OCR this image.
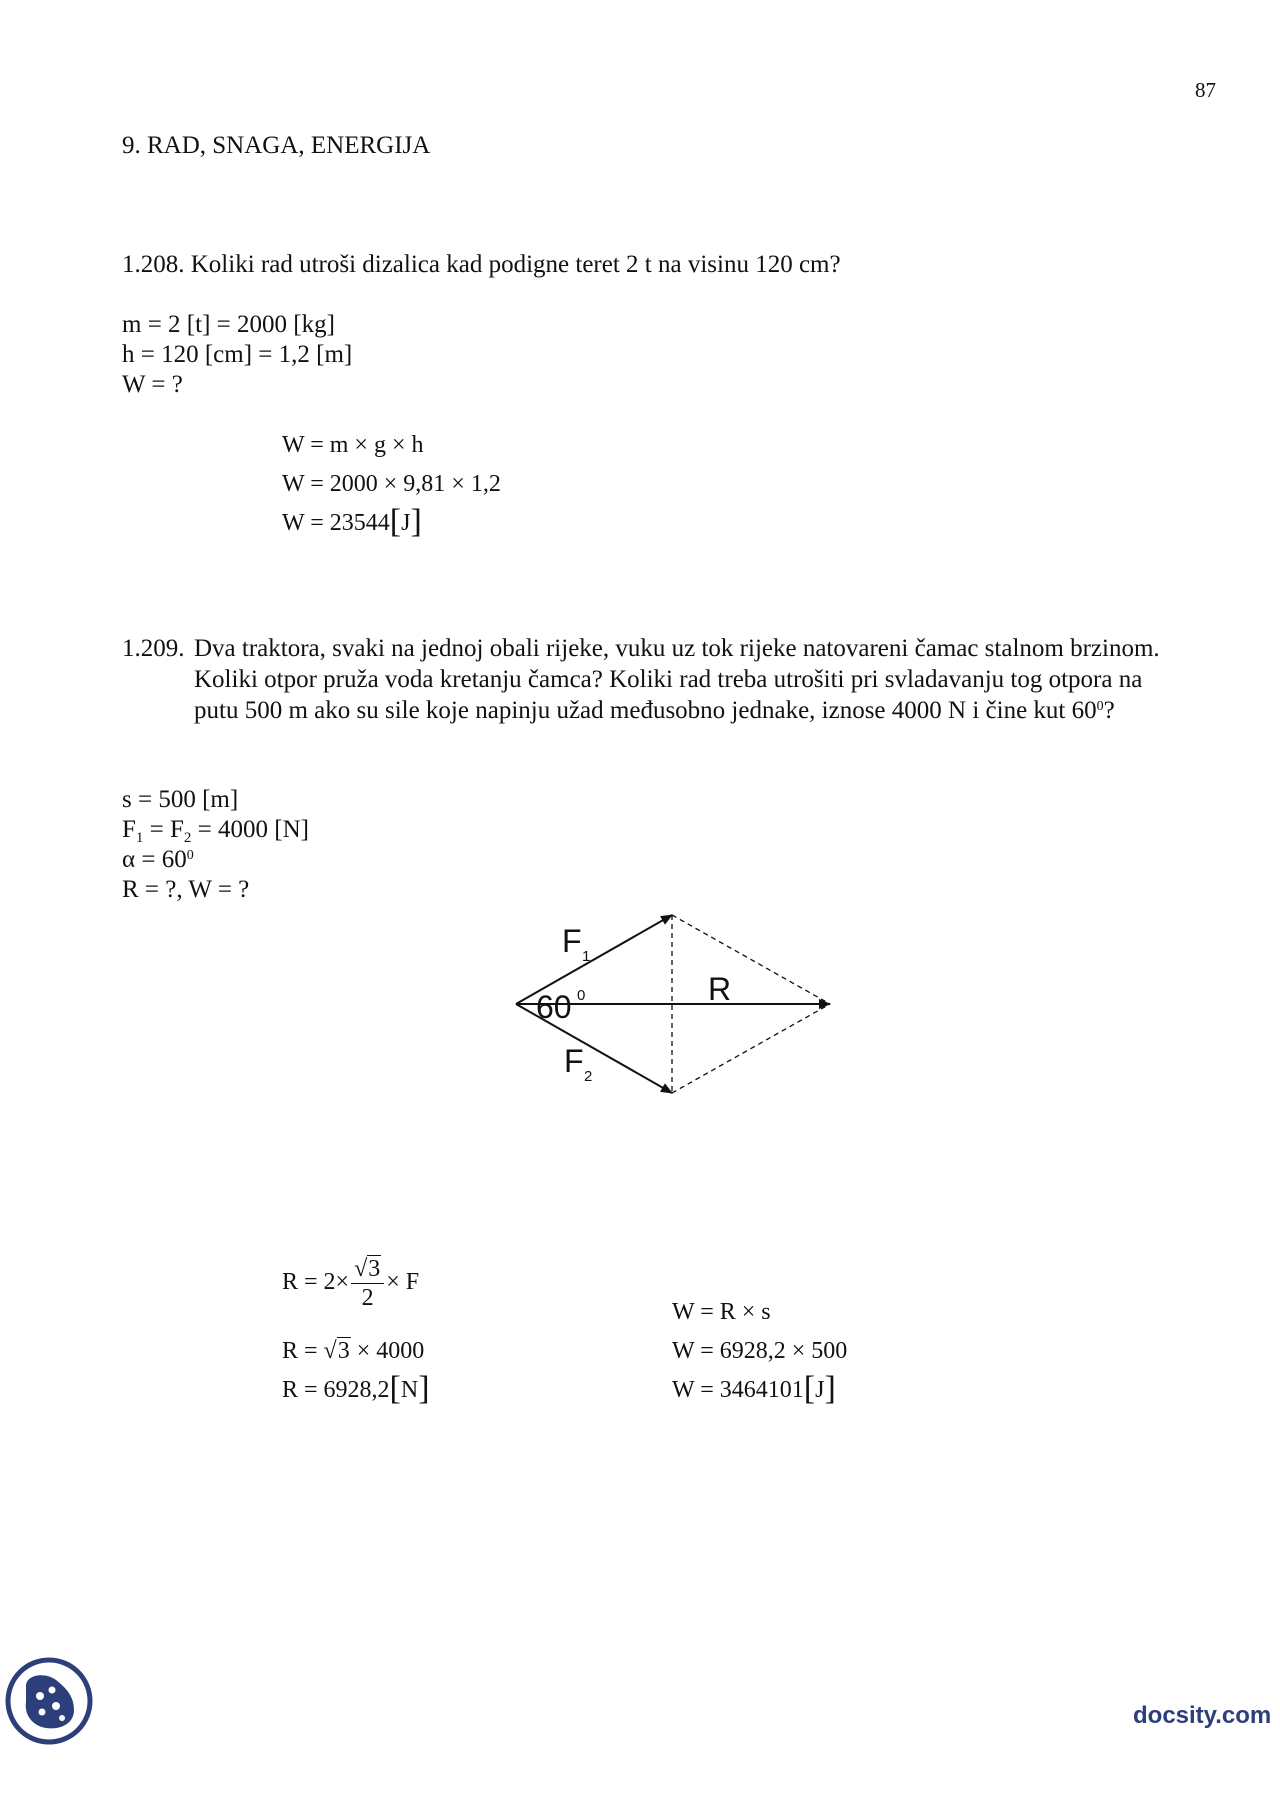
87
9. RAD, SNAGA, ENERGIJA
1.208. Koliki rad utroši dizalica kad podigne teret 2 t na visinu 120 cm?
m = 2 [t] = 2000 [kg]
h = 120 [cm] = 1,2 [m]
W = ?
W = m × g × h
W = 2000 × 9,81 × 1,2
W = 23544[J]
1.209. Dva traktora, svaki na jednoj obali rijeke, vuku uz tok rijeke natovareni čamac stalnom brzinom.
Koliki otpor pruža voda kretanju čamca? Koliki rad treba utrošiti pri svladavanju tog otpora na
putu 500 m ako su sile koje napinju užad međusobno jednake, iznose 4000 N i čine kut $60^0$?
s = 500 [m]
$F_1 = F_2 = 4000$ [N]
$\alpha = 60^0$
R = ?, W = ?
F 1
F 2
R
60 0
$R = 2\times \frac{√3}{2} \times F$
R = √3 × 4000
R = 6928,2[N]
W = R × s
W = 6928,2 × 500
W = 3464101[J]
docsity.com
